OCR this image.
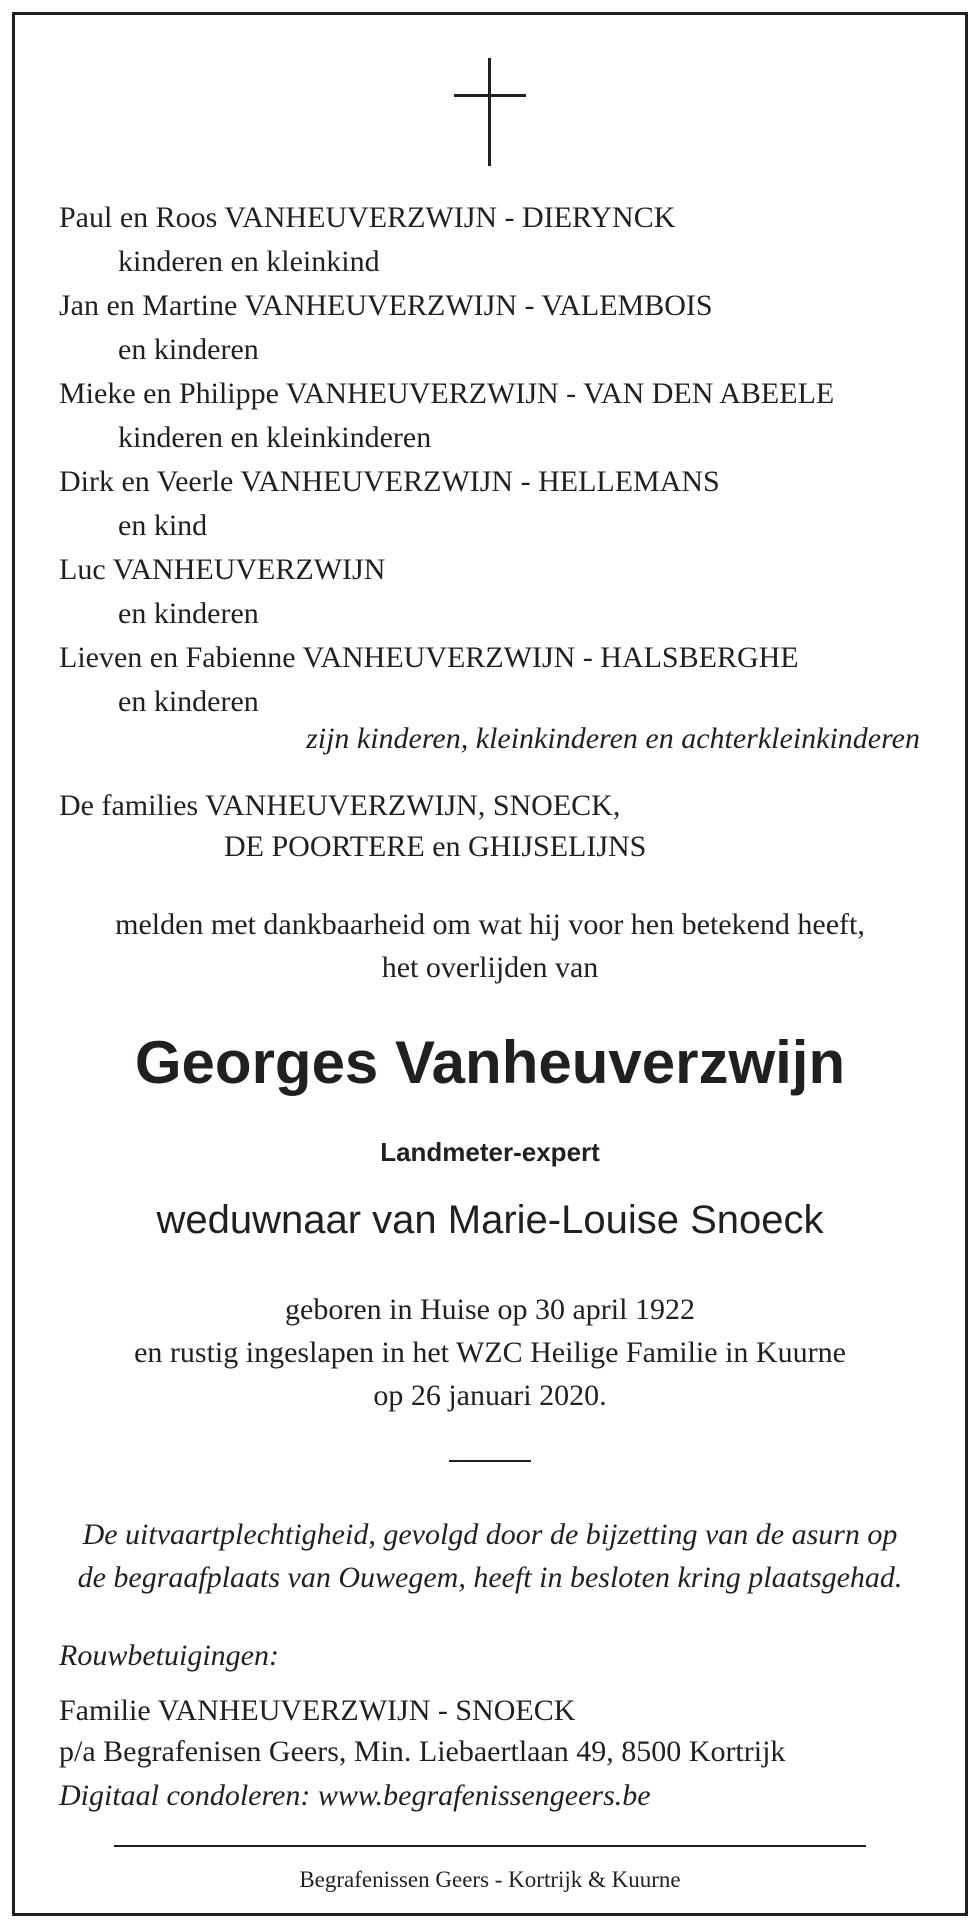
Paul en Roos VANHEUVERZWIJN - DIERYNCK
kinderen en kleinkind
Jan en Martine VANHEUVERZWIJN - VALEMBOIS
en kinderen
Mieke en Philippe VANHEUVERZWIJN - VAN DEN ABEELE
kinderen en kleinkinderen
Dirk en Veerle VANHEUVERZWIJN - HELLEMANS
en kind
Luc VANHEUVERZWIJN
en kinderen
Lieven en Fabienne VANHEUVERZWIJN - HALSBERGHE
en kinderen
zijn kinderen, kleinkinderen en achterkleinkinderen
De families VANHEUVERZWIJN, SNOECK,
DE POORTERE en GHIJSELIJNS
melden met dankbaarheid om wat hij voor hen betekend heeft,
het overlijden van
Georges Vanheuverzwijn
Landmeter-expert
weduwnaar van Marie-Louise Snoeck
geboren in Huise op 30 april 1922
en rustig ingeslapen in het WZC Heilige Familie in Kuurne
op 26 januari 2020.
De uitvaartplechtigheid, gevolgd door de bijzetting van de asurn op
de begraafplaats van Ouwegem, heeft in besloten kring plaatsgehad.
Rouwbetuigingen:
Familie VANHEUVERZWIJN - SNOECK
p/a Begrafenisen Geers, Min. Liebaertlaan 49, 8500 Kortrijk
Digitaal condoleren: www.begrafenissengeers.be
Begrafenissen Geers - Kortrijk & Kuurne
